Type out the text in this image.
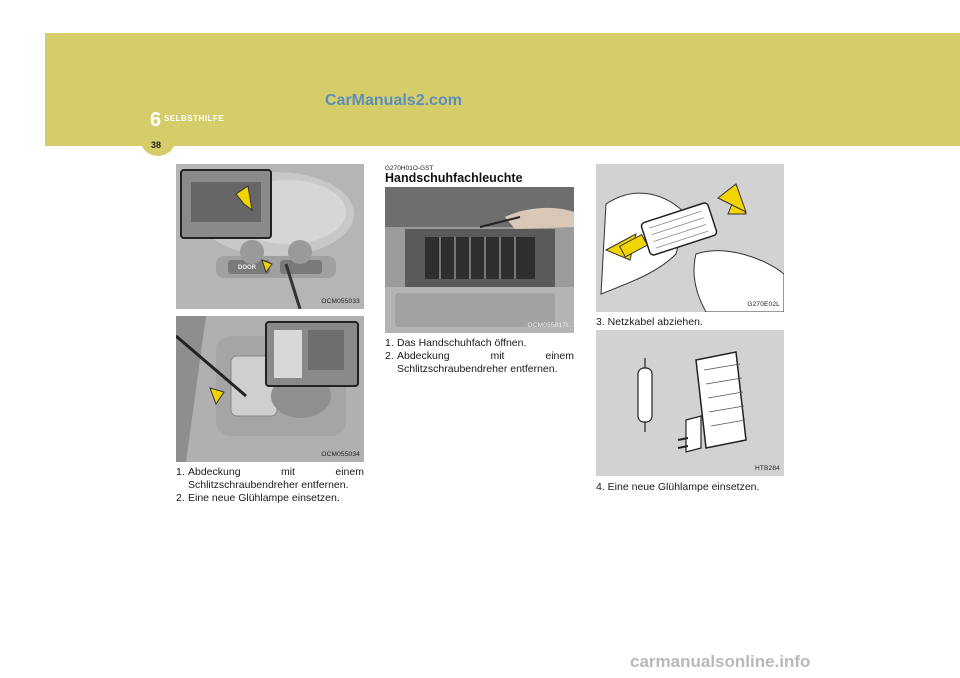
6 SELBSTHILFE
38
CarManuals2.com
DOOR
OCM055033
OCM055034
1. Abdeckung mit einem
Schlitzschraubendreher entfernen.
2. Eine neue Glühlampe einsetzen.
G270H01O-GST
Handschuhfachleuchte
OCM055017L
1. Das Handschuhfach öffnen.
2. Abdeckung mit einem
Schlitzschraubendreher entfernen.
G270E02L
3. Netzkabel abziehen.
HTB284
4. Eine neue Glühlampe einsetzen.
carmanualsonline.info
